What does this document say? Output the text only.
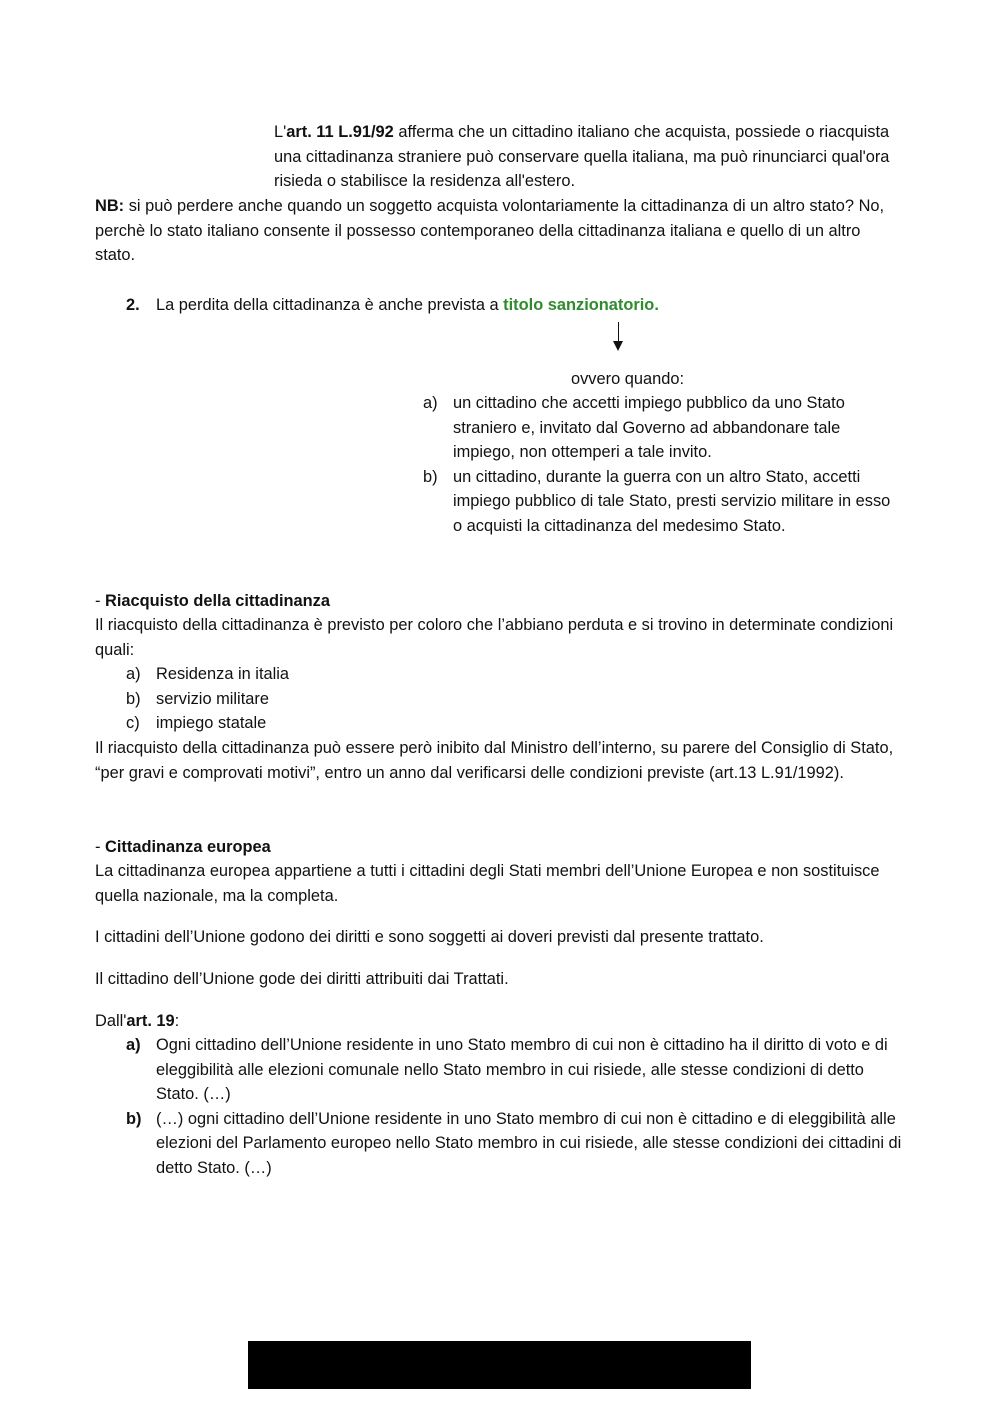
L'art. 11 L.91/92 afferma che un cittadino italiano che acquista, possiede o riacquista una cittadinanza straniere può conservare quella italiana, ma può rinunciarci qual'ora risieda o stabilisce la residenza all'estero.
NB: si può perdere anche quando un soggetto acquista volontariamente la cittadinanza di un altro stato? No, perchè lo stato italiano consente il possesso contemporaneo della cittadinanza italiana e quello di un altro stato.
2. La perdita della cittadinanza è anche prevista a titolo sanzionatorio.
ovvero quando:
a) un cittadino che accetti impiego pubblico da uno Stato straniero e, invitato dal Governo ad abbandonare tale impiego, non ottemperi a tale invito.
b) un cittadino, durante la guerra con un altro Stato, accetti impiego pubblico di tale Stato, presti servizio militare in esso o acquisti la cittadinanza del medesimo Stato.
- Riacquisto della cittadinanza
Il riacquisto della cittadinanza è previsto per coloro che l’abbiano perduta e si trovino in determinate condizioni quali:
a) Residenza in italia
b) servizio militare
c) impiego statale
Il riacquisto della cittadinanza può essere però inibito dal Ministro dell’interno, su parere del Consiglio di Stato, “per gravi e comprovati motivi”, entro un anno dal verificarsi delle condizioni previste (art.13 L.91/1992).
- Cittadinanza europea
La cittadinanza europea appartiene a tutti i cittadini degli Stati membri dell’Unione Europea e non sostituisce quella nazionale, ma la completa.
I cittadini dell’Unione godono dei diritti e sono soggetti ai doveri previsti dal presente trattato.
Il cittadino dell’Unione gode dei diritti attribuiti dai Trattati.
Dall'art. 19:
a) Ogni cittadino dell’Unione residente in uno Stato membro di cui non è cittadino ha il diritto di voto e di eleggibilità alle elezioni comunale nello Stato membro in cui risiede, alle stesse condizioni di detto Stato. (…)
b) (…) ogni cittadino dell’Unione residente in uno Stato membro di cui non è cittadino e di eleggibilità alle elezioni del Parlamento europeo nello Stato membro in cui risiede, alle stesse condizioni dei cittadini di detto Stato. (…)
